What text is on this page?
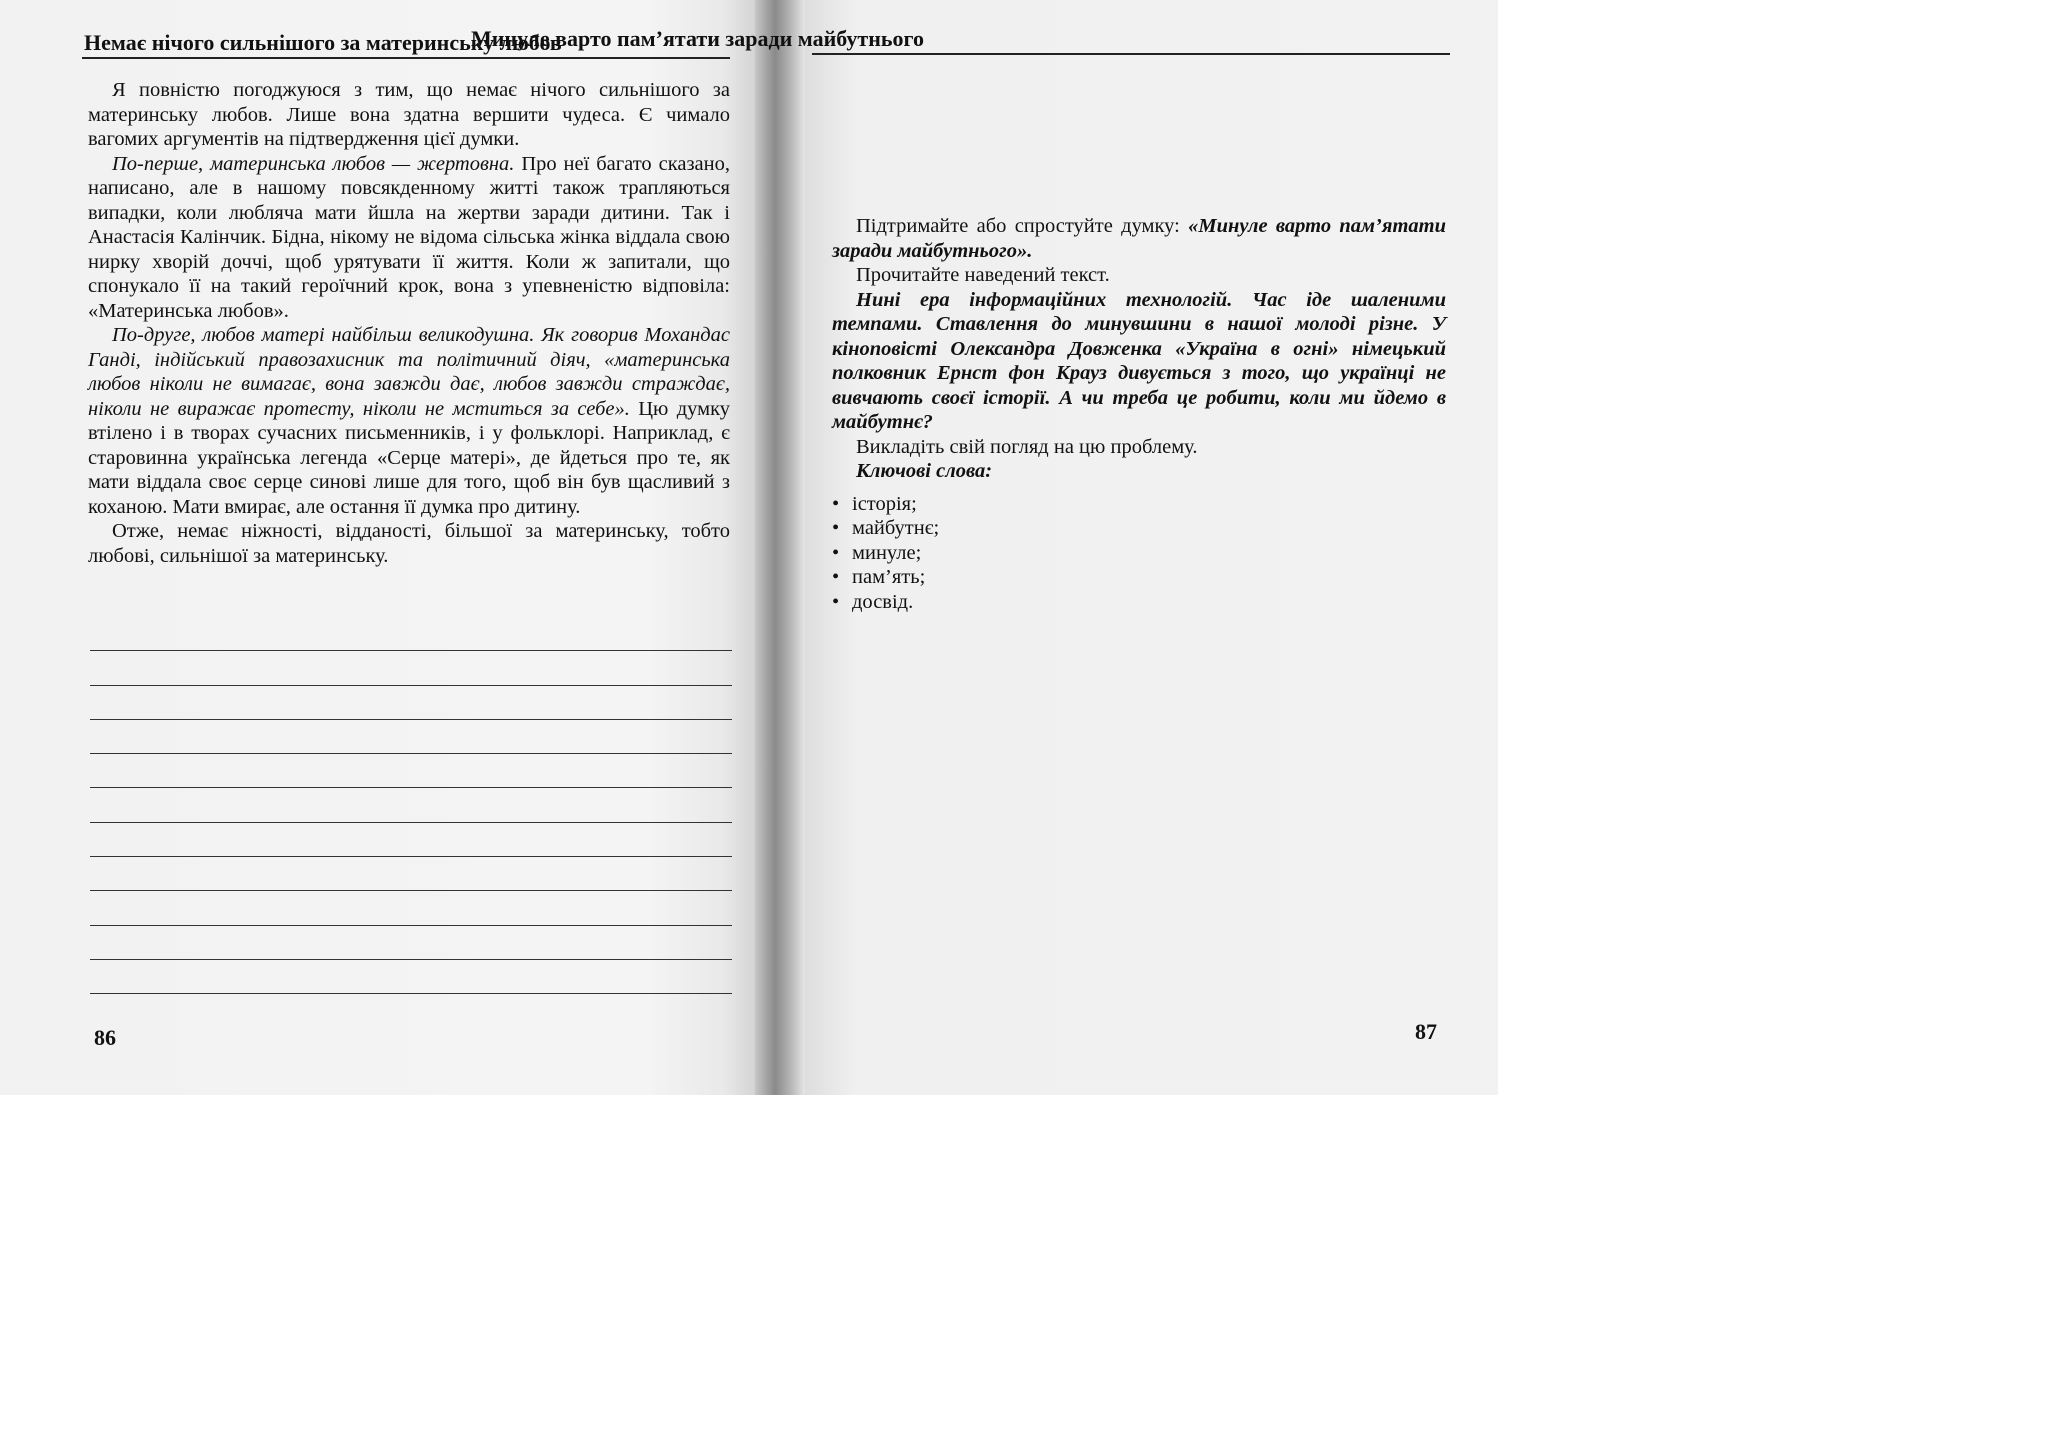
Немає нічого сильнішого за материнську любов

Я повністю погоджуюся з тим, що немає нічого сильнішого за материнську любов. Лише вона здатна вершити чудеса. Є чимало вагомих аргументів на підтвердження цієї думки.

По-перше, материнська любов — жертовна. Про неї багато сказано, написано, але в нашому повсякденному житті також трапляються випадки, коли любляча мати йшла на жертви заради дитини. Так і Анастасія Калінчик. Бідна, нікому не відома сільська жінка віддала свою нирку хворій доччі, щоб урятувати її життя. Коли ж запитали, що спонукало її на такий героїчний крок, вона з упевненістю відповіла: «Материнська любов».

По-друге, любов матері найбільш великодушна. Як говорив Мохандас Ганді, індійський правозахисник та політичний діяч, «материнська любов ніколи не вимагає, вона завжди дає, любов завжди страждає, ніколи не виражає протесту, ніколи не мститься за себе». Цю думку втілено і в творах сучасних письменників, і у фольклорі. Наприклад, є старовинна українська легенда «Серце матері», де йдеться про те, як мати віддала своє серце синові лише для того, щоб він був щасливий з коханою. Мати вмирає, але остання її думка про дитину.

Отже, немає ніжності, відданості, більшої за материнську, тобто любові, сильнішої за материнську.

86
Минуле варто пам’ятати заради майбутнього

Підтримайте або спростуйте думку: «Минуле варто пам’ятати заради майбутнього».

Прочитайте наведений текст.

Нині ера інформаційних технологій. Час іде шаленими темпами. Ставлення до минувшини в нашої молоді різне. У кіноповісті Олександра Довженка «Україна в огні» німецький полковник Ернст фон Крауз дивується з того, що українці не вивчають своєї історії. А чи треба це робити, коли ми йдемо в майбутнє?

Викладіть свій погляд на цю проблему.

Ключові слова:

• історія;
• майбутнє;
• минуле;
• пам’ять;
• досвід.
87
